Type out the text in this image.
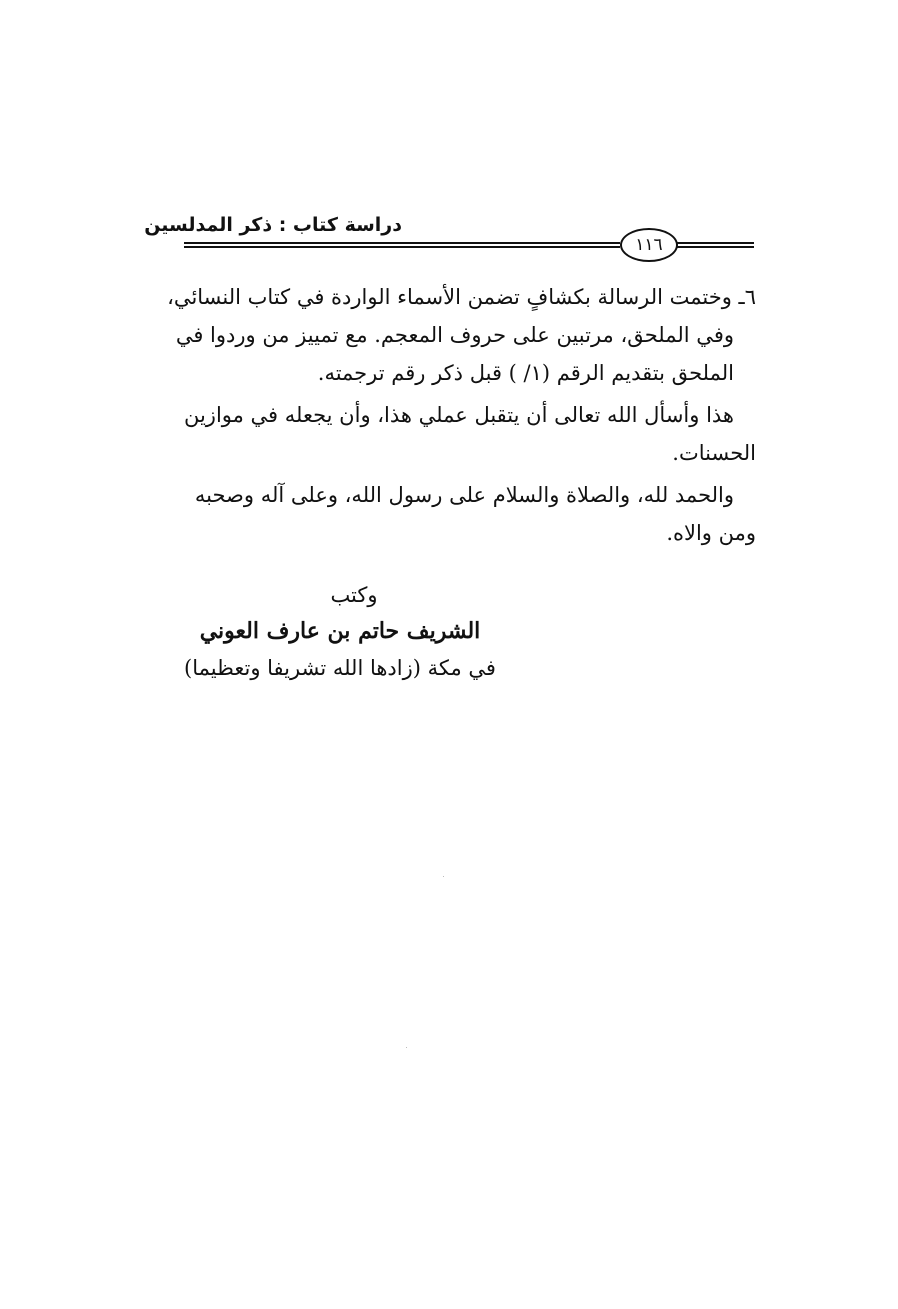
دراسة كتاب : ذكر المدلسين
١١٦

٦ـ وختمت الرسالة بكشافٍ تضمن الأسماء الواردة في كتاب النسائي،

وفي الملحق، مرتبين على حروف المعجم. مع تمييز من وردوا في

الملحق بتقديم الرقم (١/ ) قبل ذكر رقم ترجمته.

هذا وأسأل الله تعالى أن يتقبل عملي هذا، وأن يجعله في موازين
الحسنات.

والحمد لله، والصلاة والسلام على رسول الله، وعلى آله وصحبه
ومن والاه.

وكتب
الشريف حاتم بن عارف العوني
في مكة (زادها الله تشريفا وتعظيما)
